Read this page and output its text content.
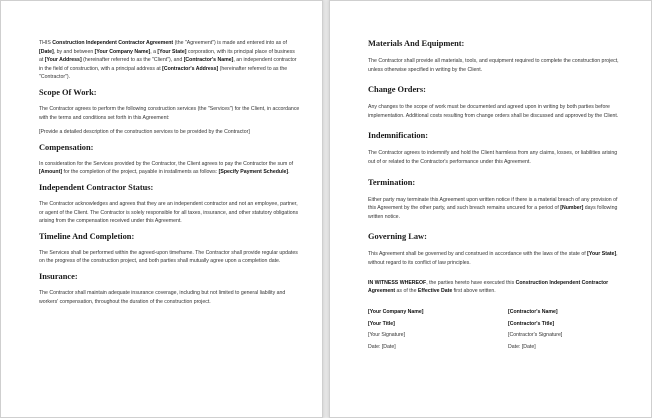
THIS Construction Independent Contractor Agreement (the "Agreement") is made and entered into as of [Date], by and between [Your Company Name], a [Your State] corporation, with its principal place of business at [Your Address] (hereinafter referred to as the "Client"), and [Contractor's Name], an independent contractor in the field of construction, with a principal address at [Contractor's Address] (hereinafter referred to as the "Contractor").

Scope Of Work:

The Contractor agrees to perform the following construction services (the "Services") for the Client, in accordance with the terms and conditions set forth in this Agreement:

[Provide a detailed description of the construction services to be provided by the Contractor]

Compensation:

In consideration for the Services provided by the Contractor, the Client agrees to pay the Contractor the sum of [Amount] for the completion of the project, payable in installments as follows: [Specify Payment Schedule].

Independent Contractor Status:

The Contractor acknowledges and agrees that they are an independent contractor and not an employee, partner, or agent of the Client. The Contractor is solely responsible for all taxes, insurance, and other statutory obligations arising from the compensation received under this Agreement.

Timeline And Completion:

The Services shall be performed within the agreed-upon timeframe. The Contractor shall provide regular updates on the progress of the construction project, and both parties shall mutually agree upon a completion date.

Insurance:

The Contractor shall maintain adequate insurance coverage, including but not limited to general liability and workers' compensation, throughout the duration of the construction project.

Materials And Equipment:

The Contractor shall provide all materials, tools, and equipment required to complete the construction project, unless otherwise specified in writing by the Client.

Change Orders:

Any changes to the scope of work must be documented and agreed upon in writing by both parties before implementation. Additional costs resulting from change orders shall be discussed and approved by the Client.

Indemnification:

The Contractor agrees to indemnify and hold the Client harmless from any claims, losses, or liabilities arising out of or related to the Contractor's performance under this Agreement.

Termination:

Either party may terminate this Agreement upon written notice if there is a material breach of any provision of this Agreement by the other party, and such breach remains uncured for a period of [Number] days following written notice.

Governing Law:

This Agreement shall be governed by and construed in accordance with the laws of the state of [Your State], without regard to its conflict of law principles.

IN WITNESS WHEREOF, the parties hereto have executed this Construction Independent Contractor Agreement as of the Effective Date first above written.

[Your Company Name]
[Your Title]
[Your Signature]
Date: [Date]
[Contractor's Name]
[Contractor's Title]
[Contractor's Signature]
Date: [Date]
